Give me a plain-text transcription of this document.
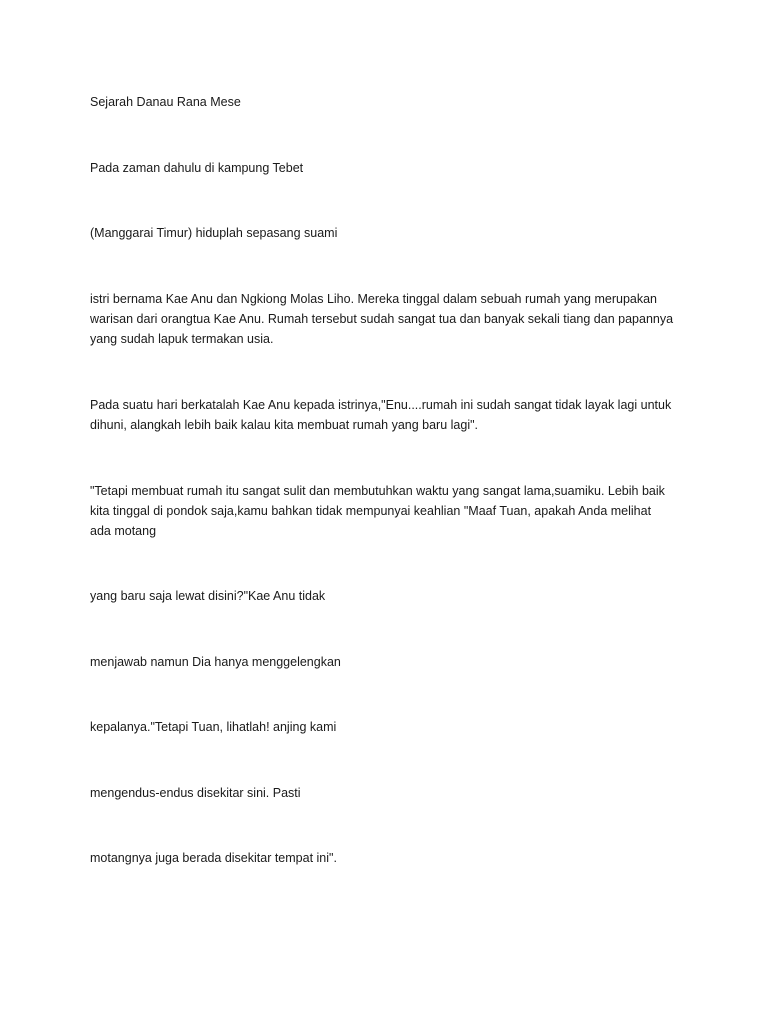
Sejarah Danau Rana Mese

Pada zaman dahulu di kampung Tebet

(Manggarai Timur) hiduplah sepasang suami

istri bernama Kae Anu dan Ngkiong Molas Liho. Mereka tinggal dalam sebuah rumah yang merupakan
warisan dari orangtua Kae Anu. Rumah tersebut sudah sangat tua dan banyak sekali tiang dan papannya
yang sudah lapuk termakan usia.

Pada suatu hari berkatalah Kae Anu kepada istrinya,"Enu....rumah ini sudah sangat tidak layak lagi untuk
dihuni, alangkah lebih baik kalau kita membuat rumah yang baru lagi".

"Tetapi membuat rumah itu sangat sulit dan membutuhkan waktu yang sangat lama,suamiku. Lebih baik
kita tinggal di pondok saja,kamu bahkan tidak mempunyai keahlian "Maaf Tuan, apakah Anda melihat
ada motang

yang baru saja lewat disini?"Kae Anu tidak

menjawab namun Dia hanya menggelengkan

kepalanya."Tetapi Tuan, lihatlah! anjing kami

mengendus-endus disekitar sini. Pasti

motangnya juga berada disekitar tempat ini".
